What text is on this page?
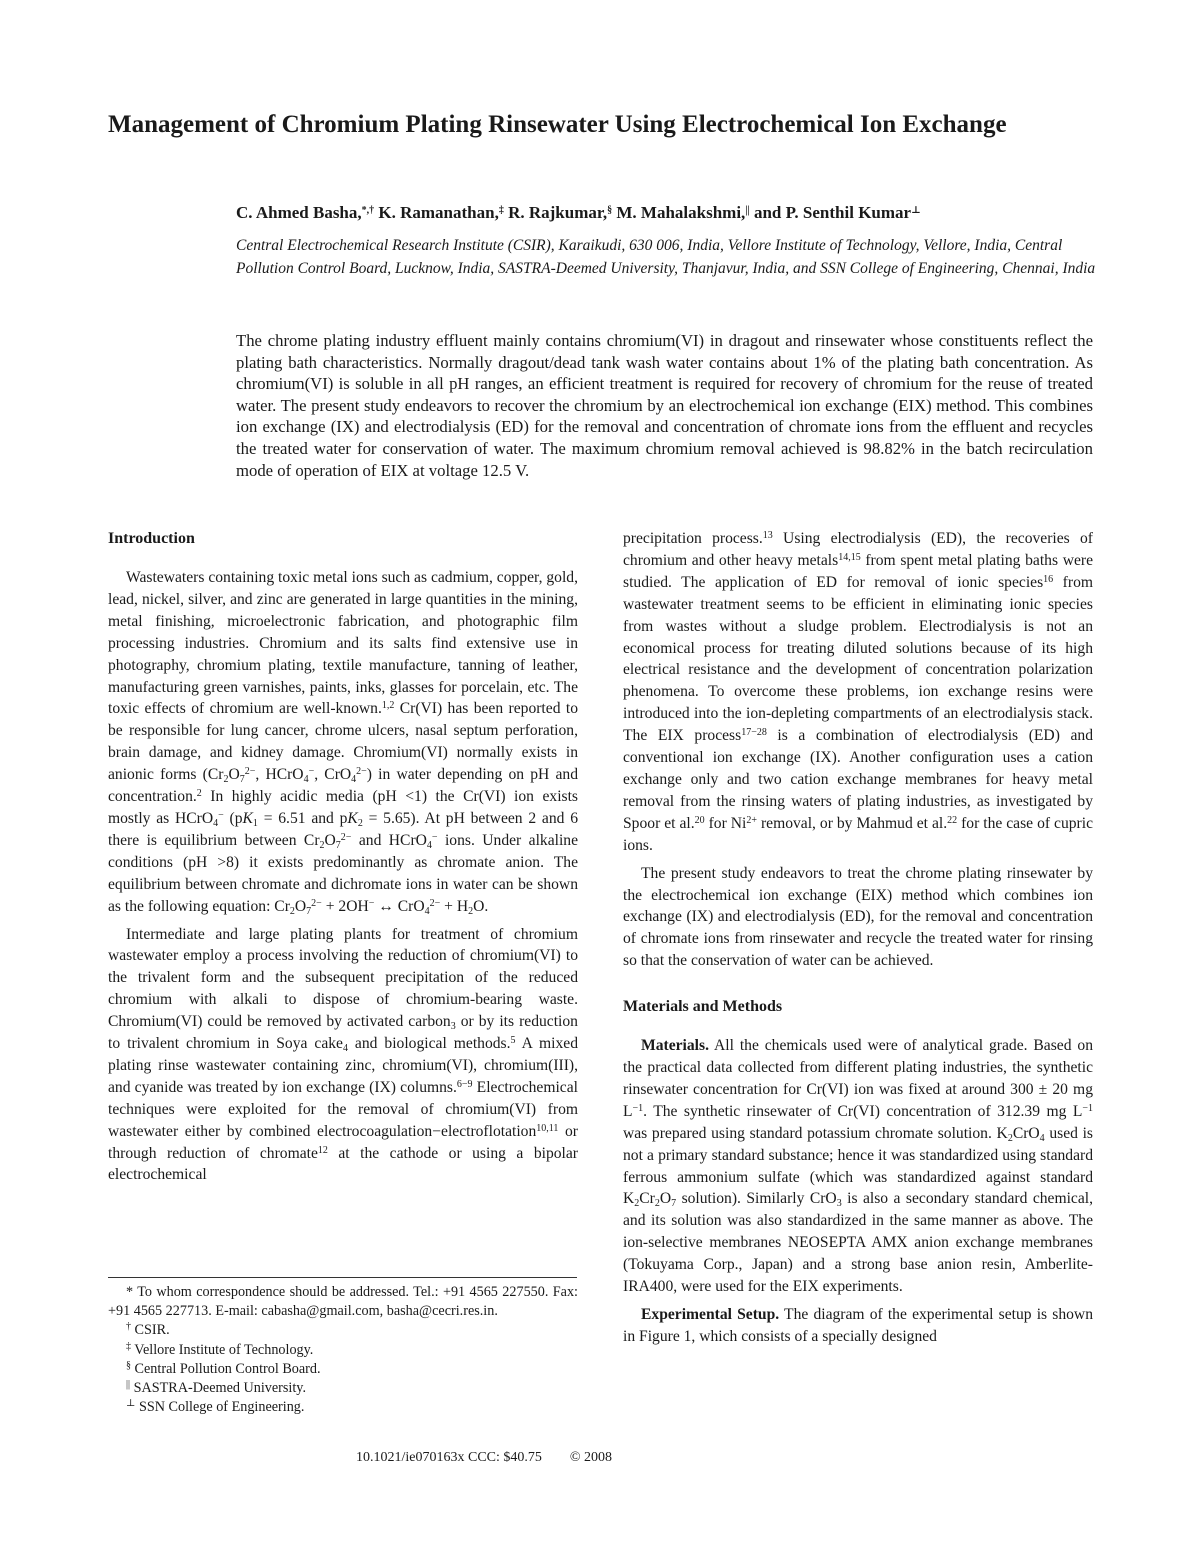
Management of Chromium Plating Rinsewater Using Electrochemical Ion Exchange
C. Ahmed Basha,*,† K. Ramanathan,‡ R. Rajkumar,§ M. Mahalakshmi,|| and P. Senthil Kumar⊥
Central Electrochemical Research Institute (CSIR), Karaikudi, 630 006, India, Vellore Institute of Technology, Vellore, India, Central Pollution Control Board, Lucknow, India, SASTRA-Deemed University, Thanjavur, India, and SSN College of Engineering, Chennai, India

The chrome plating industry effluent mainly contains chromium(VI) in dragout and rinsewater whose constituents reflect the plating bath characteristics. Normally dragout/dead tank wash water contains about 1% of the plating bath concentration. As chromium(VI) is soluble in all pH ranges, an efficient treatment is required for recovery of chromium for the reuse of treated water. The present study endeavors to recover the chromium by an electrochemical ion exchange (EIX) method. This combines ion exchange (IX) and electrodialysis (ED) for the removal and concentration of chromate ions from the effluent and recycles the treated water for conservation of water. The maximum chromium removal achieved is 98.82% in the batch recirculation mode of operation of EIX at voltage 12.5 V.

Introduction

Wastewaters containing toxic metal ions such as cadmium, copper, gold, lead, nickel, silver, and zinc are generated in large quantities in the mining, metal finishing, microelectronic fabrication, and photographic film processing industries. Chromium and its salts find extensive use in photography, chromium plating, textile manufacture, tanning of leather, manufacturing green varnishes, paints, inks, glasses for porcelain, etc. The toxic effects of chromium are well-known.$^{1,2}$ Cr(VI) has been reported to be responsible for lung cancer, chrome ulcers, nasal septum perforation, brain damage, and kidney damage. Chromium(VI) normally exists in anionic forms ($Cr_2O_7^{2-}$, HCrO$_4$−, CrO$_4^{2-}$) in water depending on pH and concentration.$^2$ In highly acidic media (pH <1) the Cr(VI) ion exists mostly as HCrO$_4$− ($pK_1 = 6.51$ and $pK_2 = 5.65$). At pH between 2 and 6 there is equilibrium between $Cr_2O_7^{2-}$ and HCrO$_4$− ions. Under alkaline conditions (pH >8) it exists predominantly as chromate anion. The equilibrium between chromate and dichromate ions in water can be shown as the following equation: $Cr_2O_7^{2-} + 2OH^-$ ↔ $CrO_4^{2-} + H_2O$.

Intermediate and large plating plants for treatment of chromium wastewater employ a process involving the reduction of chromium(VI) to the trivalent form and the subsequent precipitation of the reduced chromium with alkali to dispose of chromium-bearing waste. Chromium(VI) could be removed by activated carbon$_3$ or by its reduction to trivalent chromium in Soya cake$_4$ and biological methods.$^5$ A mixed plating rinse wastewater containing zinc, chromium(VI), chromium(III), and cyanide was treated by ion exchange (IX) columns.$^{6-9}$ Electrochemical techniques were exploited for the removal of chromium(VI) from wastewater either by combined electrocoagulation−electroflotation$^{10,11}$ or through reduction of chromate$^{12}$ at the cathode or using a bipolar electrochemical

precipitation process.$^{13}$ Using electrodialysis (ED), the recoveries of chromium and other heavy metals$^{14,15}$ from spent metal plating baths were studied. The application of ED for removal of ionic species$^{16}$ from wastewater treatment seems to be efficient in eliminating ionic species from wastes without a sludge problem. Electrodialysis is not an economical process for treating diluted solutions because of its high electrical resistance and the development of concentration polarization phenomena. To overcome these problems, ion exchange resins were introduced into the ion-depleting compartments of an electrodialysis stack. The EIX process$^{17-28}$ is a combination of electrodialysis (ED) and conventional ion exchange (IX). Another configuration uses a cation exchange only and two cation exchange membranes for heavy metal removal from the rinsing waters of plating industries, as investigated by Spoor et al.$^{20}$ for $Ni^{2+}$ removal, or by Mahmud et al.$^{22}$ for the case of cupric ions.

The present study endeavors to treat the chrome plating rinsewater by the electrochemical ion exchange (EIX) method which combines ion exchange (IX) and electrodialysis (ED), for the removal and concentration of chromate ions from rinsewater and recycle the treated water for rinsing so that the conservation of water can be achieved.

Materials and Methods

Materials. All the chemicals used were of analytical grade. Based on the practical data collected from different plating industries, the synthetic rinsewater concentration for Cr(VI) ion was fixed at around 300 ± 20 mg $L^{-1}$. The synthetic rinsewater of Cr(VI) concentration of 312.39 mg $L^{-1}$ was prepared using standard potassium chromate solution. $K_2CrO_4$ used is not a primary standard substance; hence it was standardized using standard ferrous ammonium sulfate (which was standardized against standard $K_2Cr_2O_7$ solution). Similarly CrO$_3$ is also a secondary standard chemical, and its solution was also standardized in the same manner as above. The ion-selective membranes NEOSEPTA AMX anion exchange membranes (Tokuyama Corp., Japan) and a strong base anion resin, Amberlite-IRA400, were used for the EIX experiments.

Experimental Setup. The diagram of the experimental setup is shown in Figure 1, which consists of a specially designed

* To whom correspondence should be addressed. Tel.: +91 4565 227550. Fax: +91 4565 227713. E-mail: cabasha@gmail.com, basha@cecri.res.in.

† CSIR.

‡ Vellore Institute of Technology.

§ Central Pollution Control Board.

|| SASTRA-Deemed University.

⊥ SSN College of Engineering.

10.1021/ie070163x CCC: $40.75 © 2008
